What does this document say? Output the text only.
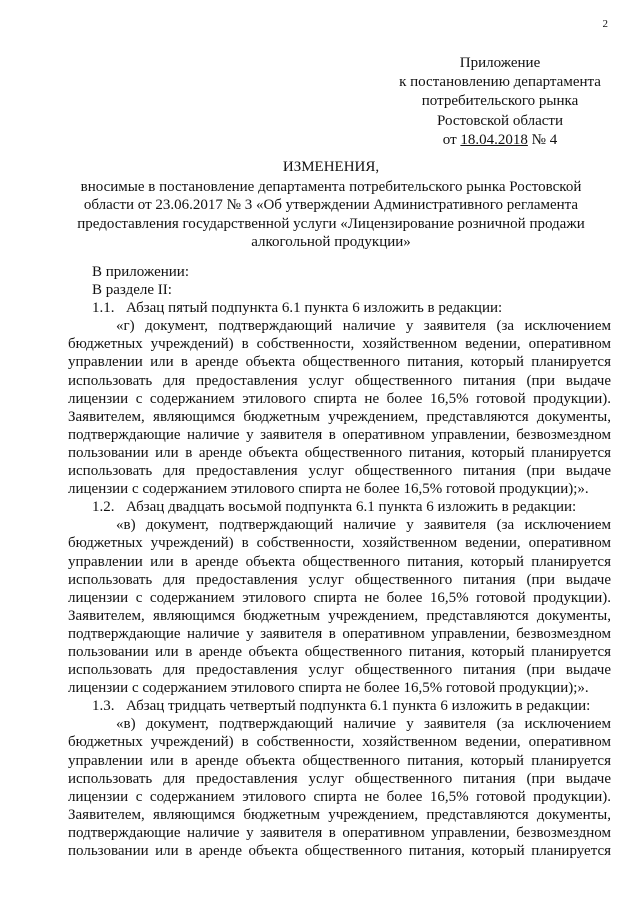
2
Приложение
к постановлению департамента
потребительского рынка
Ростовской области
от 18.04.2018 № 4
ИЗМЕНЕНИЯ,
вносимые в постановление департамента потребительского рынка Ростовской
области от 23.06.2017 № 3 «Об утверждении Административного регламента
предоставления государственной услуги «Лицензирование розничной продажи
алкогольной продукции»
В приложении:
В разделе II:
1.1. Абзац пятый подпункта 6.1 пункта 6 изложить в редакции:
«г) документ, подтверждающий наличие у заявителя (за исключением
бюджетных учреждений) в собственности, хозяйственном ведении, оперативном
управлении или в аренде объекта общественного питания, который планируется
использовать для предоставления услуг общественного питания (при выдаче
лицензии с содержанием этилового спирта не более 16,5% готовой продукции).
Заявителем, являющимся бюджетным учреждением, представляются документы,
подтверждающие наличие у заявителя в оперативном управлении, безвозмездном
пользовании или в аренде объекта общественного питания, который планируется
использовать для предоставления услуг общественного питания (при выдаче
лицензии с содержанием этилового спирта не более 16,5% готовой продукции);».
1.2. Абзац двадцать восьмой подпункта 6.1 пункта 6 изложить в редакции:
«в) документ, подтверждающий наличие у заявителя (за исключением
бюджетных учреждений) в собственности, хозяйственном ведении, оперативном
управлении или в аренде объекта общественного питания, который планируется
использовать для предоставления услуг общественного питания (при выдаче
лицензии с содержанием этилового спирта не более 16,5% готовой продукции).
Заявителем, являющимся бюджетным учреждением, представляются документы,
подтверждающие наличие у заявителя в оперативном управлении, безвозмездном
пользовании или в аренде объекта общественного питания, который планируется
использовать для предоставления услуг общественного питания (при выдаче
лицензии с содержанием этилового спирта не более 16,5% готовой продукции);».
1.3. Абзац тридцать четвертый подпункта 6.1 пункта 6 изложить в редакции:
«в) документ, подтверждающий наличие у заявителя (за исключением
бюджетных учреждений) в собственности, хозяйственном ведении, оперативном
управлении или в аренде объекта общественного питания, который планируется
использовать для предоставления услуг общественного питания (при выдаче
лицензии с содержанием этилового спирта не более 16,5% готовой продукции).
Заявителем, являющимся бюджетным учреждением, представляются документы,
подтверждающие наличие у заявителя в оперативном управлении, безвозмездном
пользовании или в аренде объекта общественного питания, который планируется
